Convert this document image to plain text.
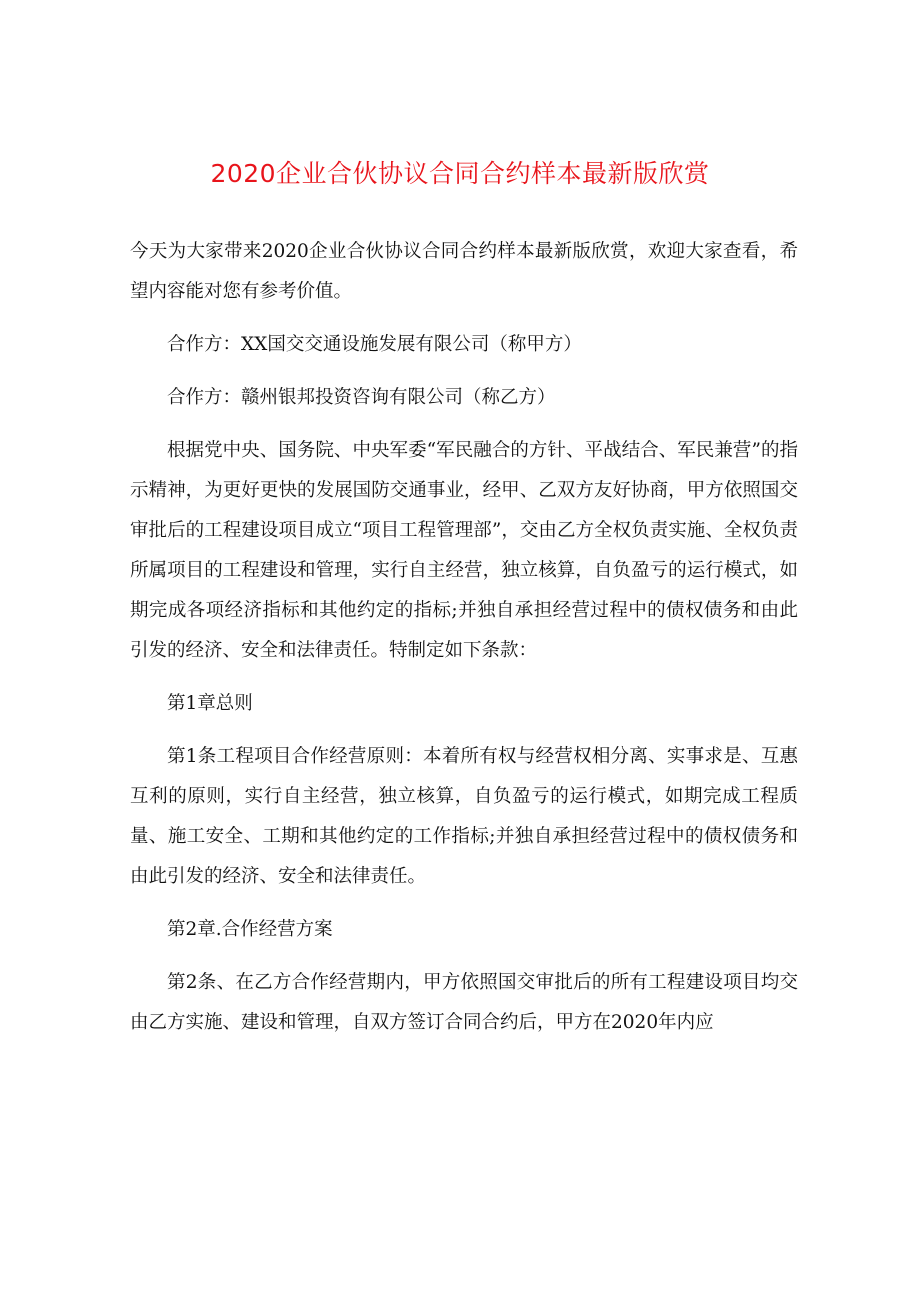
2020企业合伙协议合同合约样本最新版欣赏

今天为大家带来2020企业合伙协议合同合约样本最新版欣赏，欢迎大家查看，希望内容能对您有参考价值。

合作方：XX国交交通设施发展有限公司（称甲方）

合作方：赣州银邦投资咨询有限公司（称乙方）

根据党中央、国务院、中央军委“军民融合的方针、平战结合、军民兼营”的指示精神，为更好更快的发展国防交通事业，经甲、乙双方友好协商，甲方依照国交审批后的工程建设项目成立“项目工程管理部”，交由乙方全权负责实施、全权负责所属项目的工程建设和管理，实行自主经营，独立核算，自负盈亏的运行模式，如期完成各项经济指标和其他约定的指标;并独自承担经营过程中的债权债务和由此引发的经济、安全和法律责任。特制定如下条款：

第1章总则

第1条工程项目合作经营原则：本着所有权与经营权相分离、实事求是、互惠互利的原则，实行自主经营，独立核算，自负盈亏的运行模式，如期完成工程质量、施工安全、工期和其他约定的工作指标;并独自承担经营过程中的债权债务和由此引发的经济、安全和法律责任。

第2章.合作经营方案

第2条、在乙方合作经营期内，甲方依照国交审批后的所有工程建设项目均交由乙方实施、建设和管理，自双方签订合同合约后，甲方在2020年内应
